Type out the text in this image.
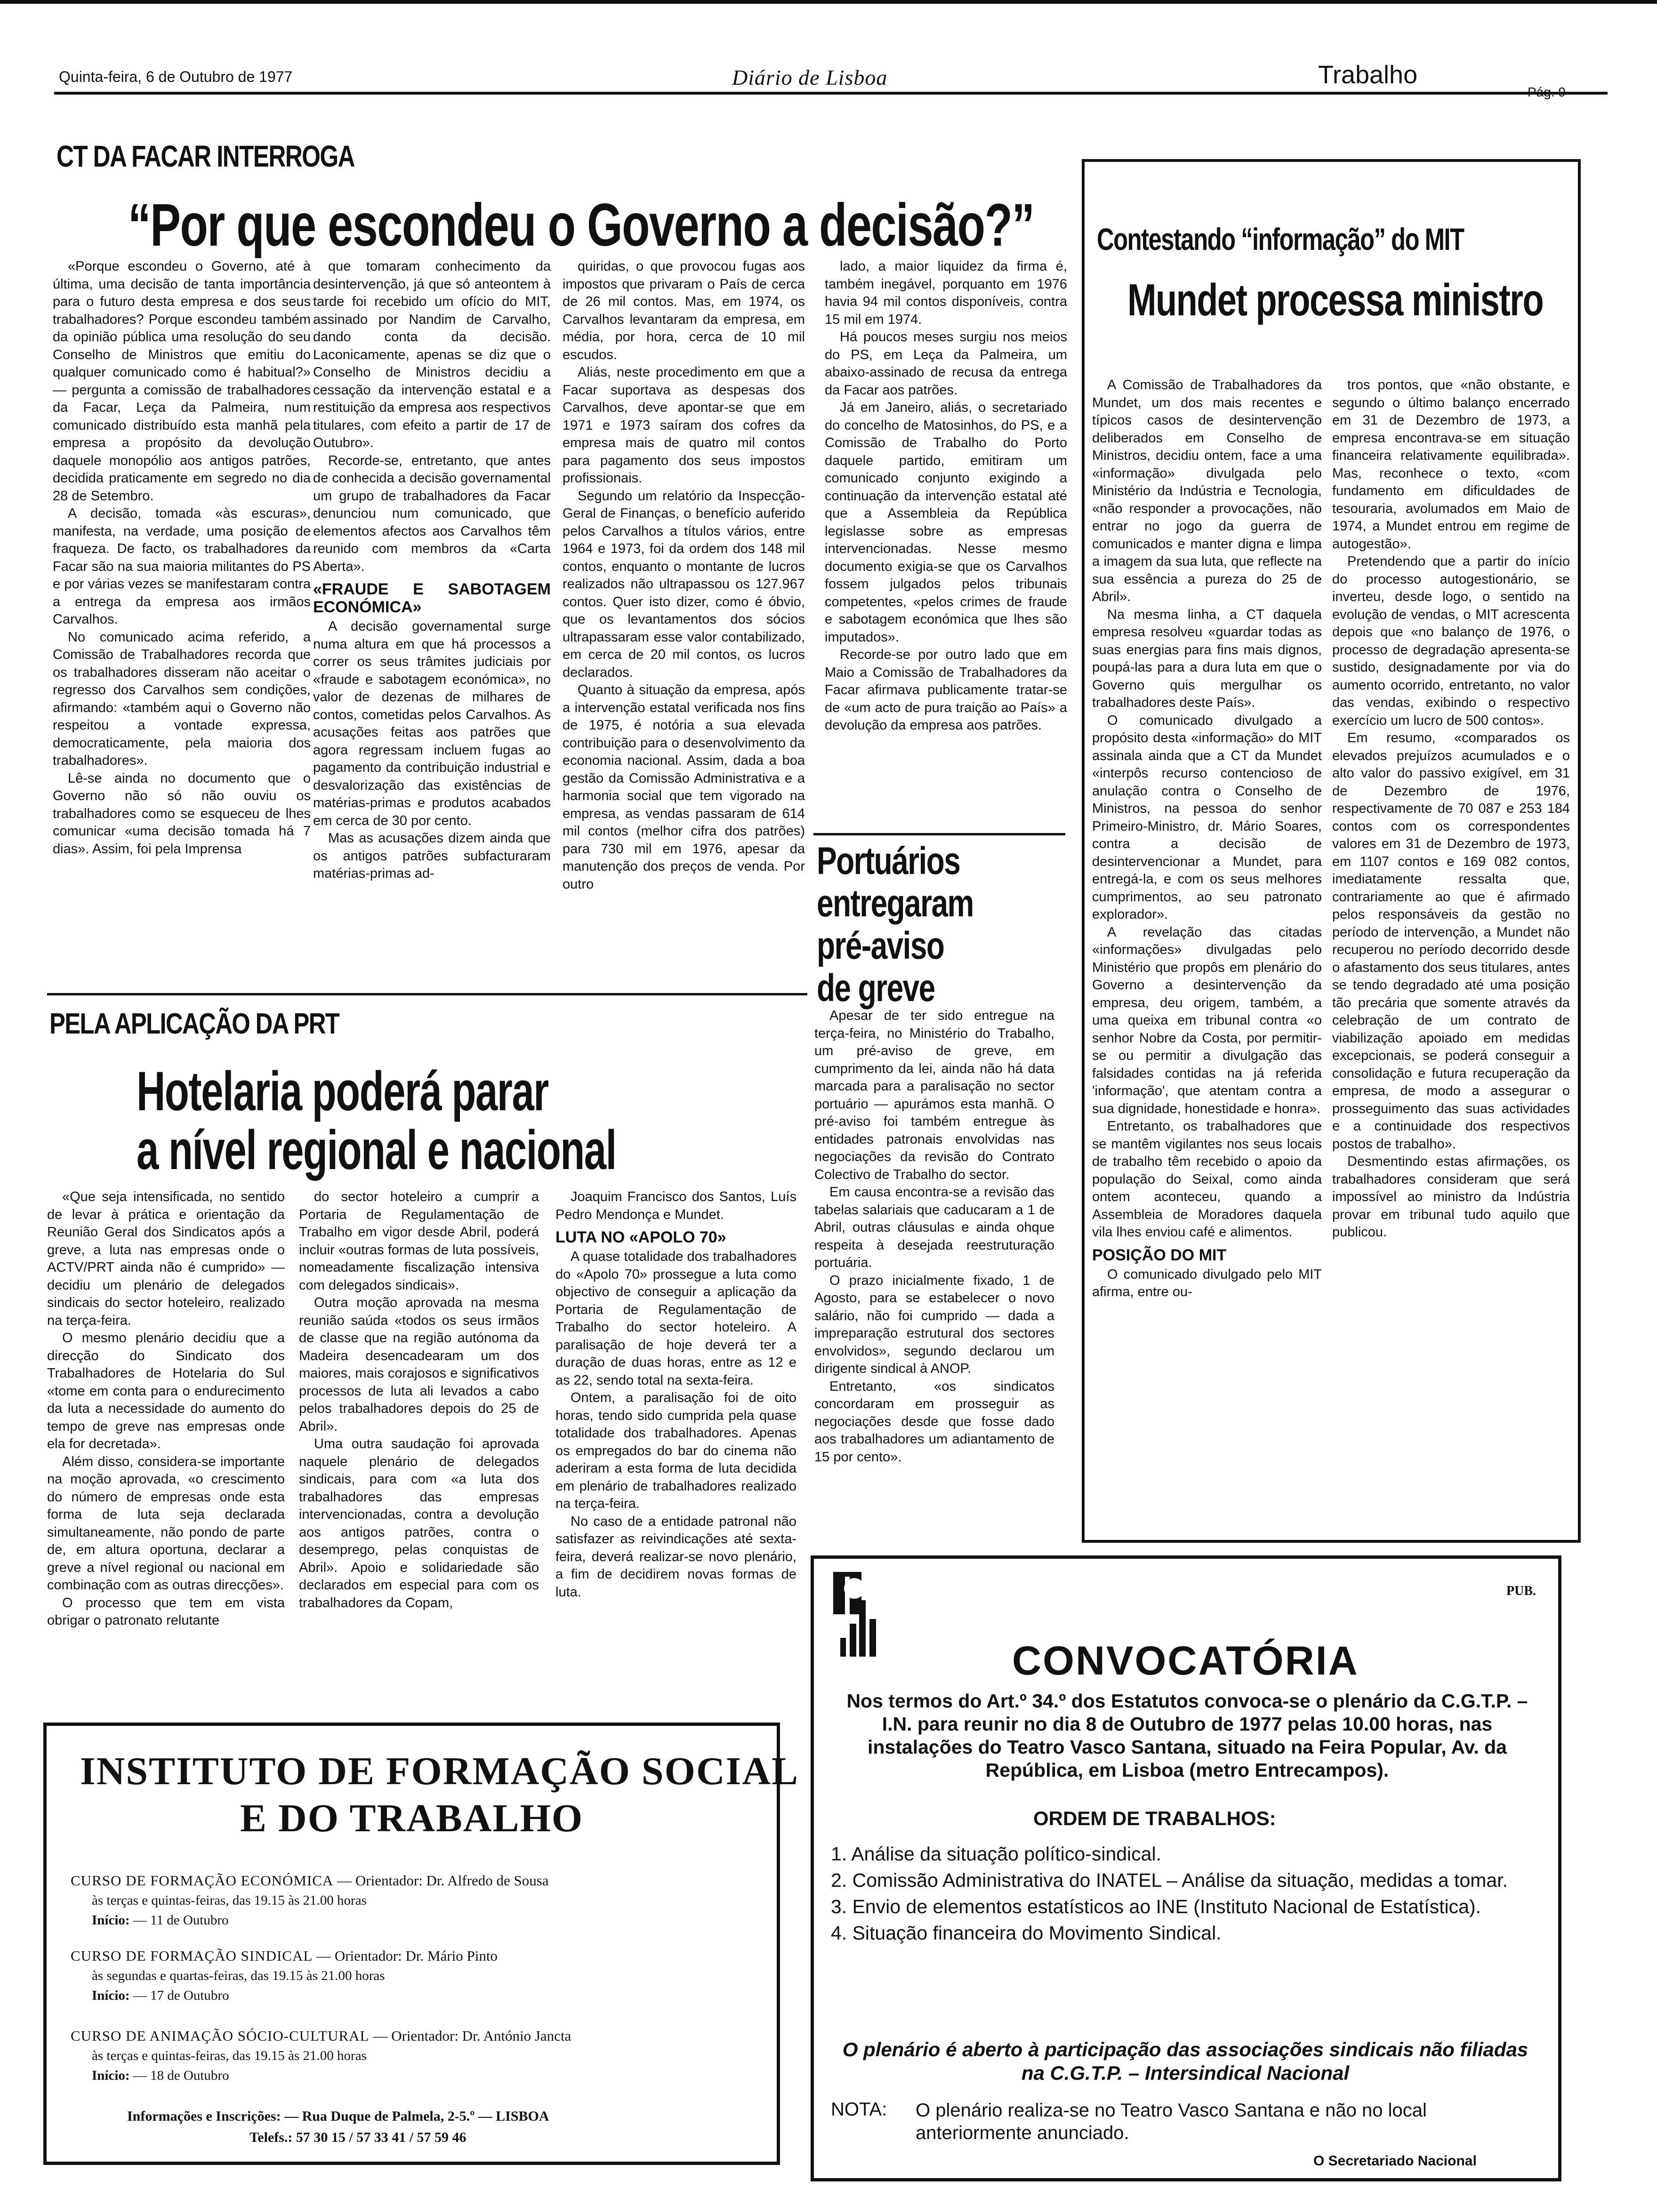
Quinta-feira, 6 de Outubro de 1977	Diário de Lisboa	Trabalho
CT DA FACAR INTERROGA
“Por que escondeu o Governo a decisão?”

«Porque escondeu o Governo, até à última, uma decisão de tanta importância para o futuro desta empresa e dos seus trabalhadores? Porque escondeu também da opinião pública uma resolução do seu Conselho de Ministros que emitiu do qualquer comunicado como é habitual?» — pergunta a comissão de trabalhadores da Facar, Leça da Palmeira, num comunicado distribuído esta manhã pela empresa a propósito da devolução daquele monopólio aos antigos patrões, decidida praticamente em segredo no dia 28 de Setembro.

A decisão, tomada «às escuras», manifesta, na verdade, uma posição de fraqueza. De facto, os trabalhadores da Facar são na sua maioria militantes do PS e por várias vezes se manifestaram contra a entrega da empresa aos irmãos Carvalhos.

No comunicado acima referido, a Comissão de Trabalhadores recorda que os trabalhadores disseram não aceitar o regresso dos Carvalhos sem condições, afirmando: «também aqui o Governo não respeitou a vontade expressa, democraticamente, pela maioria dos trabalhadores».

Lê-se ainda no documento que o Governo não só não ouviu os trabalhadores como se esqueceu de lhes comunicar «uma decisão tomada há 7 dias». Assim, foi pela Imprensa

que tomaram conhecimento da desintervenção, já que só anteontem à tarde foi recebido um ofício do MIT, assinado por Nandim de Carvalho, dando conta da decisão. Laconicamente, apenas se diz que o Conselho de Ministros decidiu a cessação da intervenção estatal e a restituição da empresa aos respectivos titulares, com efeito a partir de 17 de Outubro».

Recorde-se, entretanto, que antes de conhecida a decisão governamental um grupo de trabalhadores da Facar denunciou num comunicado, que elementos afectos aos Carvalhos têm reunido com membros da «Carta Aberta».

«FRAUDE E SABOTAGEM ECONÓMICA»

A decisão governamental surge numa altura em que há processos a correr os seus trâmites judiciais por «fraude e sabotagem económica», no valor de dezenas de milhares de contos, cometidas pelos Carvalhos. As acusações feitas aos patrões que agora regressam incluem fugas ao pagamento da contribuição industrial e desvalorização das existências de matérias-primas e produtos acabados em cerca de 30 por cento.

Mas as acusações dizem ainda que os antigos patrões subfacturaram matérias-primas ad-

quiridas, o que provocou fugas aos impostos que privaram o País de cerca de 26 mil contos. Mas, em 1974, os Carvalhos levantaram da empresa, em média, por hora, cerca de 10 mil escudos.

Aliás, neste procedimento em que a Facar suportava as despesas dos Carvalhos, deve apontar-se que em 1971 e 1973 saíram dos cofres da empresa mais de quatro mil contos para pagamento dos seus impostos profissionais.

Segundo um relatório da Inspecção-Geral de Finanças, o benefício auferido pelos Carvalhos a títulos vários, entre 1964 e 1973, foi da ordem dos 148 mil contos, enquanto o montante de lucros realizados não ultrapassou os 127.967 contos. Quer isto dizer, como é óbvio, que os levantamentos dos sócios ultrapassaram esse valor contabilizado, em cerca de 20 mil contos, os lucros declarados.

Quanto à situação da empresa, após a intervenção estatal verificada nos fins de 1975, é notória a sua elevada contribuição para o desenvolvimento da economia nacional. Assim, dada a boa gestão da Comissão Administrativa e a harmonia social que tem vigorado na empresa, as vendas passaram de 614 mil contos (melhor cifra dos patrões) para 730 mil em 1976, apesar da manutenção dos preços de venda. Por outro

lado, a maior liquidez da firma é, também inegável, porquanto em 1976 havia 94 mil contos disponíveis, contra 15 mil em 1974.

Há poucos meses surgiu nos meios do PS, em Leça da Palmeira, um abaixo-assinado de recusa da entrega da Facar aos patrões.

Já em Janeiro, aliás, o secretariado do concelho de Matosinhos, do PS, e a Comissão de Trabalho do Porto daquele partido, emitiram um comunicado conjunto exigindo a continuação da intervenção estatal até que a Assembleia da República legislasse sobre as empresas intervencionadas. Nesse mesmo documento exigia-se que os Carvalhos fossem julgados pelos tribunais competentes, «pelos crimes de fraude e sabotagem económica que lhes são imputados».

Recorde-se por outro lado que em Maio a Comissão de Trabalhadores da Facar afirmava publicamente tratar-se de «um acto de pura traição ao País» a devolução da empresa aos patrões.

Contestando “informação” do MIT
Mundet processa ministro

A Comissão de Trabalhadores da Mundet, um dos mais recentes e típicos casos de desintervenção deliberados em Conselho de Ministros, decidiu ontem, face a uma «informação» divulgada pelo Ministério da Indústria e Tecnologia, «não responder a provocações, não entrar no jogo da guerra de comunicados e manter digna e limpa a imagem da sua luta, que reflecte na sua essência a pureza do 25 de Abril».

Na mesma linha, a CT daquela empresa resolveu «guardar todas as suas energias para fins mais dignos, poupá-las para a dura luta em que o Governo quis mergulhar os trabalhadores deste País».

O comunicado divulgado a propósito desta «informação» do MIT assinala ainda que a CT da Mundet «interpôs recurso contencioso de anulação contra o Conselho de Ministros, na pessoa do senhor Primeiro-Ministro, dr. Mário Soares, contra a decisão de desintervencionar a Mundet, para entregá-la, e com os seus melhores cumprimentos, ao seu patronato explorador».

A revelação das citadas «informações» divulgadas pelo Ministério que propôs em plenário do Governo a desintervenção da empresa, deu origem, também, a uma queixa em tribunal contra «o senhor Nobre da Costa, por permitir-se ou permitir a divulgação das falsidades contidas na já referida 'informação', que atentam contra a sua dignidade, honestidade e honra».

Entretanto, os trabalhadores que se mantêm vigilantes nos seus locais de trabalho têm recebido o apoio da população do Seixal, como ainda ontem aconteceu, quando a Assembleia de Moradores daquela vila lhes enviou café e alimentos.

POSIÇÃO DO MIT

O comunicado divulgado pelo MIT afirma, entre ou-

tros pontos, que «não obstante, e segundo o último balanço encerrado em 31 de Dezembro de 1973, a empresa encontrava-se em situação financeira relativamente equilibrada». Mas, reconhece o texto, «com fundamento em dificuldades de tesouraria, avolumados em Maio de 1974, a Mundet entrou em regime de autogestão».

Pretendendo que a partir do início do processo autogestionário, se inverteu, desde logo, o sentido na evolução de vendas, o MIT acrescenta depois que «no balanço de 1976, o processo de degradação apresenta-se sustido, designadamente por via do aumento ocorrido, entretanto, no valor das vendas, exibindo o respectivo exercício um lucro de 500 contos».

Em resumo, «comparados os elevados prejuízos acumulados e o alto valor do passivo exigível, em 31 de Dezembro de 1976, respectivamente de 70 087 e 253 184 contos com os correspondentes valores em 31 de Dezembro de 1973, em 1107 contos e 169 082 contos, imediatamente ressalta que, contrariamente ao que é afirmado pelos responsáveis da gestão no período de intervenção, a Mundet não recuperou no período decorrido desde o afastamento dos seus titulares, antes se tendo degradado até uma posição tão precária que somente através da celebração de um contrato de viabilização apoiado em medidas excepcionais, se poderá conseguir a consolidação e futura recuperação da empresa, de modo a assegurar o prosseguimento das suas actividades e a continuidade dos respectivos postos de trabalho».

Desmentindo estas afirmações, os trabalhadores consideram que será impossível ao ministro da Indústria provar em tribunal tudo aquilo que publicou.

Portuários
entregaram
pré-aviso
de greve

Apesar de ter sido entregue na terça-feira, no Ministério do Trabalho, um pré-aviso de greve, em cumprimento da lei, ainda não há data marcada para a paralisação no sector portuário — apurámos esta manhã. O pré-aviso foi também entregue às entidades patronais envolvidas nas negociações da revisão do Contrato Colectivo de Trabalho do sector.

Em causa encontra-se a revisão das tabelas salariais que caducaram a 1 de Abril, outras cláusulas e ainda ohque respeita à desejada reestruturação portuária.

O prazo inicialmente fixado, 1 de Agosto, para se estabelecer o novo salário, não foi cumprido — dada a impreparação estrutural dos sectores envolvidos», segundo declarou um dirigente sindical à ANOP.

Entretanto, «os sindicatos concordaram em prosseguir as negociações desde que fosse dado aos trabalhadores um adiantamento de 15 por cento».

PELA APLICAÇÃO DA PRT
Hotelaria poderá parar
a nível regional e nacional

«Que seja intensificada, no sentido de levar à prática e orientação da Reunião Geral dos Sindicatos após a greve, a luta nas empresas onde o ACTV/PRT ainda não é cumprido» — decidiu um plenário de delegados sindicais do sector hoteleiro, realizado na terça-feira.

O mesmo plenário decidiu que a direcção do Sindicato dos Trabalhadores de Hotelaria do Sul «tome em conta para o endurecimento da luta a necessidade do aumento do tempo de greve nas empresas onde ela for decretada».

Além disso, considera-se importante na moção aprovada, «o crescimento do número de empresas onde esta forma de luta seja declarada simultaneamente, não pondo de parte de, em altura oportuna, declarar a greve a nível regional ou nacional em combinação com as outras direcções».

O processo que tem em vista obrigar o patronato relutante

do sector hoteleiro a cumprir a Portaria de Regulamentação de Trabalho em vigor desde Abril, poderá incluir «outras formas de luta possíveis, nomeadamente fiscalização intensiva com delegados sindicais».

Outra moção aprovada na mesma reunião saúda «todos os seus irmãos de classe que na região autónoma da Madeira desencadearam um dos maiores, mais corajosos e significativos processos de luta ali levados a cabo pelos trabalhadores depois do 25 de Abril».

Uma outra saudação foi aprovada naquele plenário de delegados sindicais, para com «a luta dos trabalhadores das empresas intervencionadas, contra a devolução aos antigos patrões, contra o desemprego, pelas conquistas de Abril». Apoio e solidariedade são declarados em especial para com os trabalhadores da Copam,

Joaquim Francisco dos Santos, Luís Pedro Mendonça e Mundet.

LUTA NO «APOLO 70»

A quase totalidade dos trabalhadores do «Apolo 70» prossegue a luta como objectivo de conseguir a aplicação da Portaria de Regulamentação de Trabalho do sector hoteleiro. A paralisação de hoje deverá ter a duração de duas horas, entre as 12 e as 22, sendo total na sexta-feira.

Ontem, a paralisação foi de oito horas, tendo sido cumprida pela quase totalidade dos trabalhadores. Apenas os empregados do bar do cinema não aderiram a esta forma de luta decidida em plenário de trabalhadores realizado na terça-feira.

No caso de a entidade patronal não satisfazer as reivindicações até sexta-feira, deverá realizar-se novo plenário, a fim de decidirem novas formas de luta.

INSTITUTO DE FORMAÇÃO SOCIAL
E DO TRABALHO
CURSO DE FORMAÇÃO ECONÓMICA — Orientador: Dr. Alfredo de Sousa
às terças e quintas-feiras, das 19.15 às 21.00 horas
Início: — 11 de Outubro
CURSO DE FORMAÇÃO SINDICAL — Orientador: Dr. Mário Pinto
às segundas e quartas-feiras, das 19.15 às 21.00 horas
Início: — 17 de Outubro
CURSO DE ANIMAÇÃO SÓCIO-CULTURAL — Orientador: Dr. António Jancta
às terças e quintas-feiras, das 19.15 às 21.00 horas
Início: — 18 de Outubro
Informações e Inscrições: — Rua Duque de Palmela, 2-5.º — LISBOA
Telefs.: 57 30 15 / 57 33 41 / 57 59 46
PUB.
CONVOCATÓRIA
Nos termos do Art.º 34.º dos Estatutos convoca-se o plenário da C.G.T.P. – I.N. para reunir no dia 8 de Outubro de 1977 pelas 10.00 horas, nas instalações do Teatro Vasco Santana, situado na Feira Popular, Av. da República, em Lisboa (metro Entrecampos).
ORDEM DE TRABALHOS:
1. Análise da situação político-sindical.
2. Comissão Administrativa do INATEL – Análise da situação, medidas a tomar.
3. Envio de elementos estatísticos ao INE (Instituto Nacional de Estatística).
4. Situação financeira do Movimento Sindical.
O plenário é aberto à participação das associações sindicais não filiadas na C.G.T.P. – Intersindical Nacional
NOTA: O plenário realiza-se no Teatro Vasco Santana e não no local anteriormente anunciado.
O Secretariado Nacional
